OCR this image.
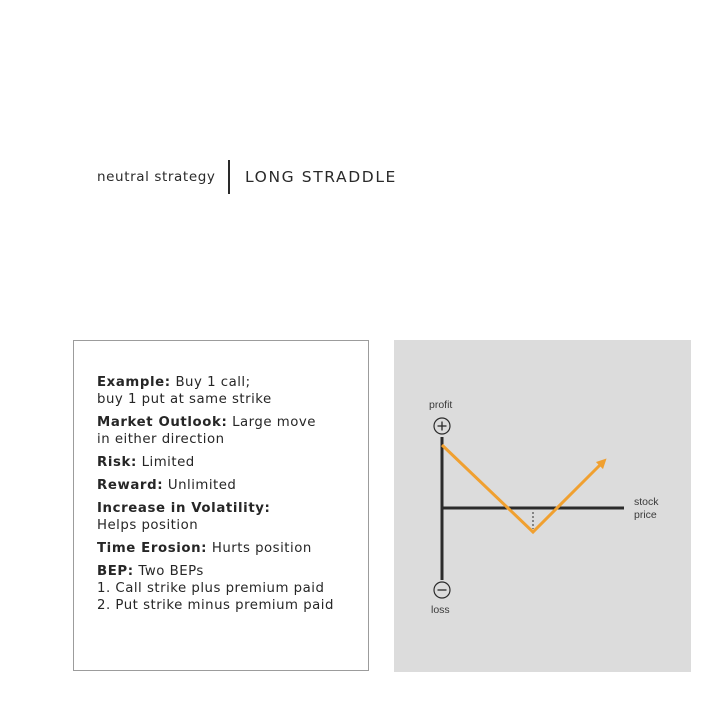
neutral strategy LONG STRADDLE
Example: Buy 1 call;
buy 1 put at same strike
Market Outlook: Large move
in either direction
Risk: Limited
Reward: Unlimited
Increase in Volatility:
Helps position
Time Erosion: Hurts position
BEP: Two BEPs
1. Call strike plus premium paid
2. Put strike minus premium paid
profit
loss
stock
price
